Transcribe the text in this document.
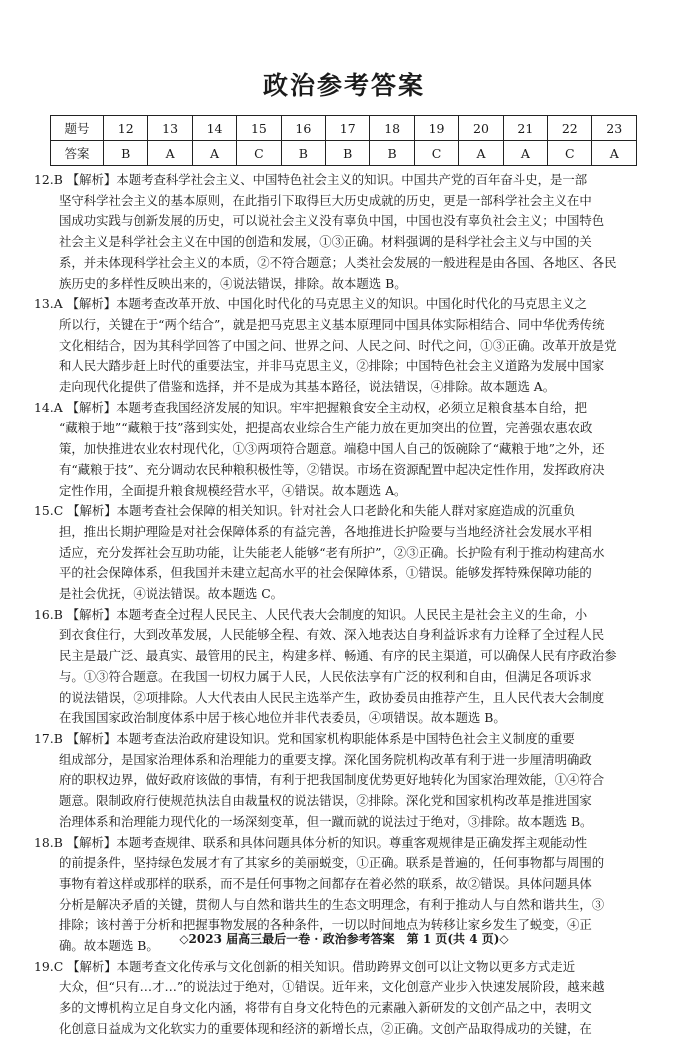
政治参考答案
题号	12	13	14	15	16	17	18	19	20	21	22	23
答案	B	A	A	C	B	B	B	C	A	A	C	A
12.B 【解析】本题考查科学社会主义、中国特色社会主义的知识。中国共产党的百年奋斗史，是一部
坚守科学社会主义的基本原则，在此指引下取得巨大历史成就的历史，更是一部科学社会主义在中
国成功实践与创新发展的历史，可以说社会主义没有辜负中国，中国也没有辜负社会主义；中国特色
社会主义是科学社会主义在中国的创造和发展，①③正确。材料强调的是科学社会主义与中国的关
系，并未体现科学社会主义的本质，②不符合题意；人类社会发展的一般进程是由各国、各地区、各民
族历史的多样性反映出来的，④说法错误，排除。故本题选 B。
13.A 【解析】本题考查改革开放、中国化时代化的马克思主义的知识。中国化时代化的马克思主义之
所以行，关键在于“两个结合”，就是把马克思主义基本原理同中国具体实际相结合、同中华优秀传统
文化相结合，因为其科学回答了中国之问、世界之问、人民之问、时代之问，①③正确。改革开放是党
和人民大踏步赶上时代的重要法宝，并非马克思主义，②排除；中国特色社会主义道路为发展中国家
走向现代化提供了借鉴和选择，并不是成为其基本路径，说法错误，④排除。故本题选 A。
14.A 【解析】本题考查我国经济发展的知识。牢牢把握粮食安全主动权，必须立足粮食基本自给，把
“藏粮于地”“藏粮于技”落到实处，把提高农业综合生产能力放在更加突出的位置，完善强农惠农政
策，加快推进农业农村现代化，①③两项符合题意。端稳中国人自己的饭碗除了“藏粮于地”之外，还
有“藏粮于技”、充分调动农民种粮积极性等，②错误。市场在资源配置中起决定性作用，发挥政府决
定性作用，全面提升粮食规模经营水平，④错误。故本题选 A。
15.C 【解析】本题考查社会保障的相关知识。针对社会人口老龄化和失能人群对家庭造成的沉重负
担，推出长期护理险是对社会保障体系的有益完善，各地推进长护险要与当地经济社会发展水平相
适应，充分发挥社会互助功能，让失能老人能够“老有所护”，②③正确。长护险有利于推动构建高水
平的社会保障体系，但我国并未建立起高水平的社会保障体系，①错误。能够发挥特殊保障功能的
是社会优抚，④说法错误。故本题选 C。
16.B 【解析】本题考查全过程人民民主、人民代表大会制度的知识。人民民主是社会主义的生命，小
到衣食住行，大到改革发展，人民能够全程、有效、深入地表达自身利益诉求有力诠释了全过程人民
民主是最广泛、最真实、最管用的民主，构建多样、畅通、有序的民主渠道，可以确保人民有序政治参
与。①③符合题意。在我国一切权力属于人民，人民依法享有广泛的权利和自由，但满足各项诉求
的说法错误，②项排除。人大代表由人民民主选举产生，政协委员由推荐产生，且人民代表大会制度
在我国国家政治制度体系中居于核心地位并非代表委员，④项错误。故本题选 B。
17.B 【解析】本题考查法治政府建设知识。党和国家机构职能体系是中国特色社会主义制度的重要
组成部分，是国家治理体系和治理能力的重要支撑。深化国务院机构改革有利于进一步厘清明确政
府的职权边界，做好政府该做的事情，有利于把我国制度优势更好地转化为国家治理效能，①④符合
题意。限制政府行使规范执法自由裁量权的说法错误，②排除。深化党和国家机构改革是推进国家
治理体系和治理能力现代化的一场深刻变革，但一蹴而就的说法过于绝对，③排除。故本题选 B。
18.B 【解析】本题考查规律、联系和具体问题具体分析的知识。尊重客观规律是正确发挥主观能动性
的前提条件，坚持绿色发展才有了其家乡的美丽蜕变，①正确。联系是普遍的，任何事物都与周围的
事物有着这样或那样的联系，而不是任何事物之间都存在着必然的联系，故②错误。具体问题具体
分析是解决矛盾的关键，贯彻人与自然和谐共生的生态文明理念，有利于推动人与自然和谐共生，③
排除；该村善于分析和把握事物发展的各种条件，一切以时间地点为转移让家乡发生了蜕变，④正
确。故本题选 B。
19.C 【解析】本题考查文化传承与文化创新的相关知识。借助跨界文创可以让文物以更多方式走近
大众，但“只有…才…”的说法过于绝对，①错误。近年来，文化创意产业步入快速发展阶段，越来越
多的文博机构立足自身文化内涵，将带有自身文化特色的元素融入新研发的文创产品之中，表明文
化创意日益成为文化软实力的重要体现和经济的新增长点，②正确。文创产品取得成功的关键，在
◇2023 届高三最后一卷 · 政治参考答案　第 1 页(共 4 页)◇
